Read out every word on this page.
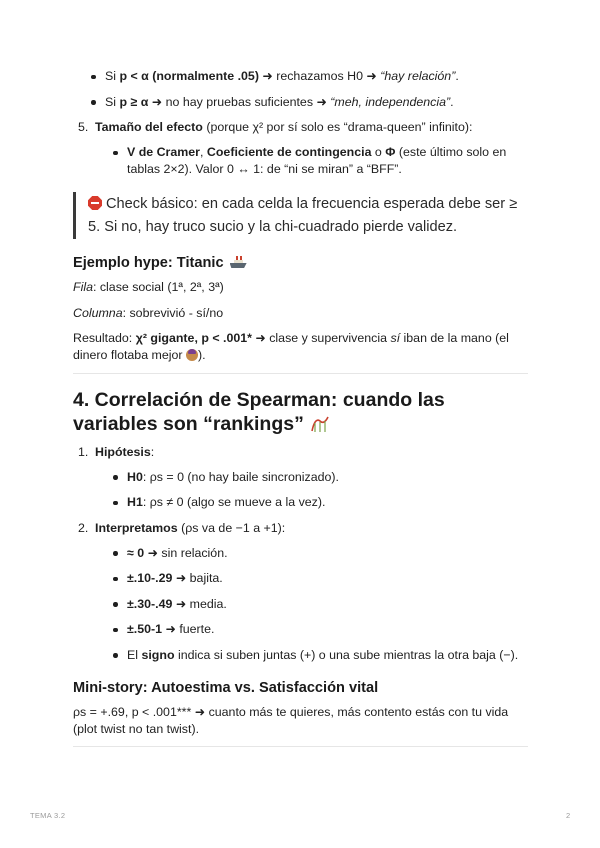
Si p < α (normalmente .05) ➜ rechazamos H0 ➜ “hay relación”.
Si p ≥ α ➜ no hay pruebas suficientes ➜ “meh, independencia”.
5. Tamaño del efecto (porque χ² por sí solo es “drama-queen” infinito):
V de Cramer, Coeficiente de contingencia o Φ (este último solo en tablas 2×2). Valor 0 ↔ 1: de “ni se miran” a “BFF”.
Check básico: en cada celda la frecuencia esperada debe ser ≥ 5. Si no, hay truco sucio y la chi-cuadrado pierde validez.
Ejemplo hype: Titanic

Fila: clase social (1ª, 2ª, 3ª)

Columna: sobrevivió - sí/no

Resultado: χ² gigante, p < .001* ➜ clase y supervivencia sí iban de la mano (el dinero flotaba mejor ).

4. Correlación de Spearman: cuando las variables son “rankings”
1. Hipótesis:
H0: ρs = 0 (no hay baile sincronizado).
H1: ρs ≠ 0 (algo se mueve a la vez).
2. Interpretamos (ρs va de −1 a +1):
≈ 0 ➜ sin relación.
±.10-.29 ➜ bajita.
±.30-.49 ➜ media.
±.50-1 ➜ fuerte.
El signo indica si suben juntas (+) o una sube mientras la otra baja (−).
Mini-story: Autoestima vs. Satisfacción vital

ρs = +.69, p < .001*** ➜ cuanto más te quieres, más contento estás con tu vida (plot twist no tan twist).

TEMA 3.2	2
